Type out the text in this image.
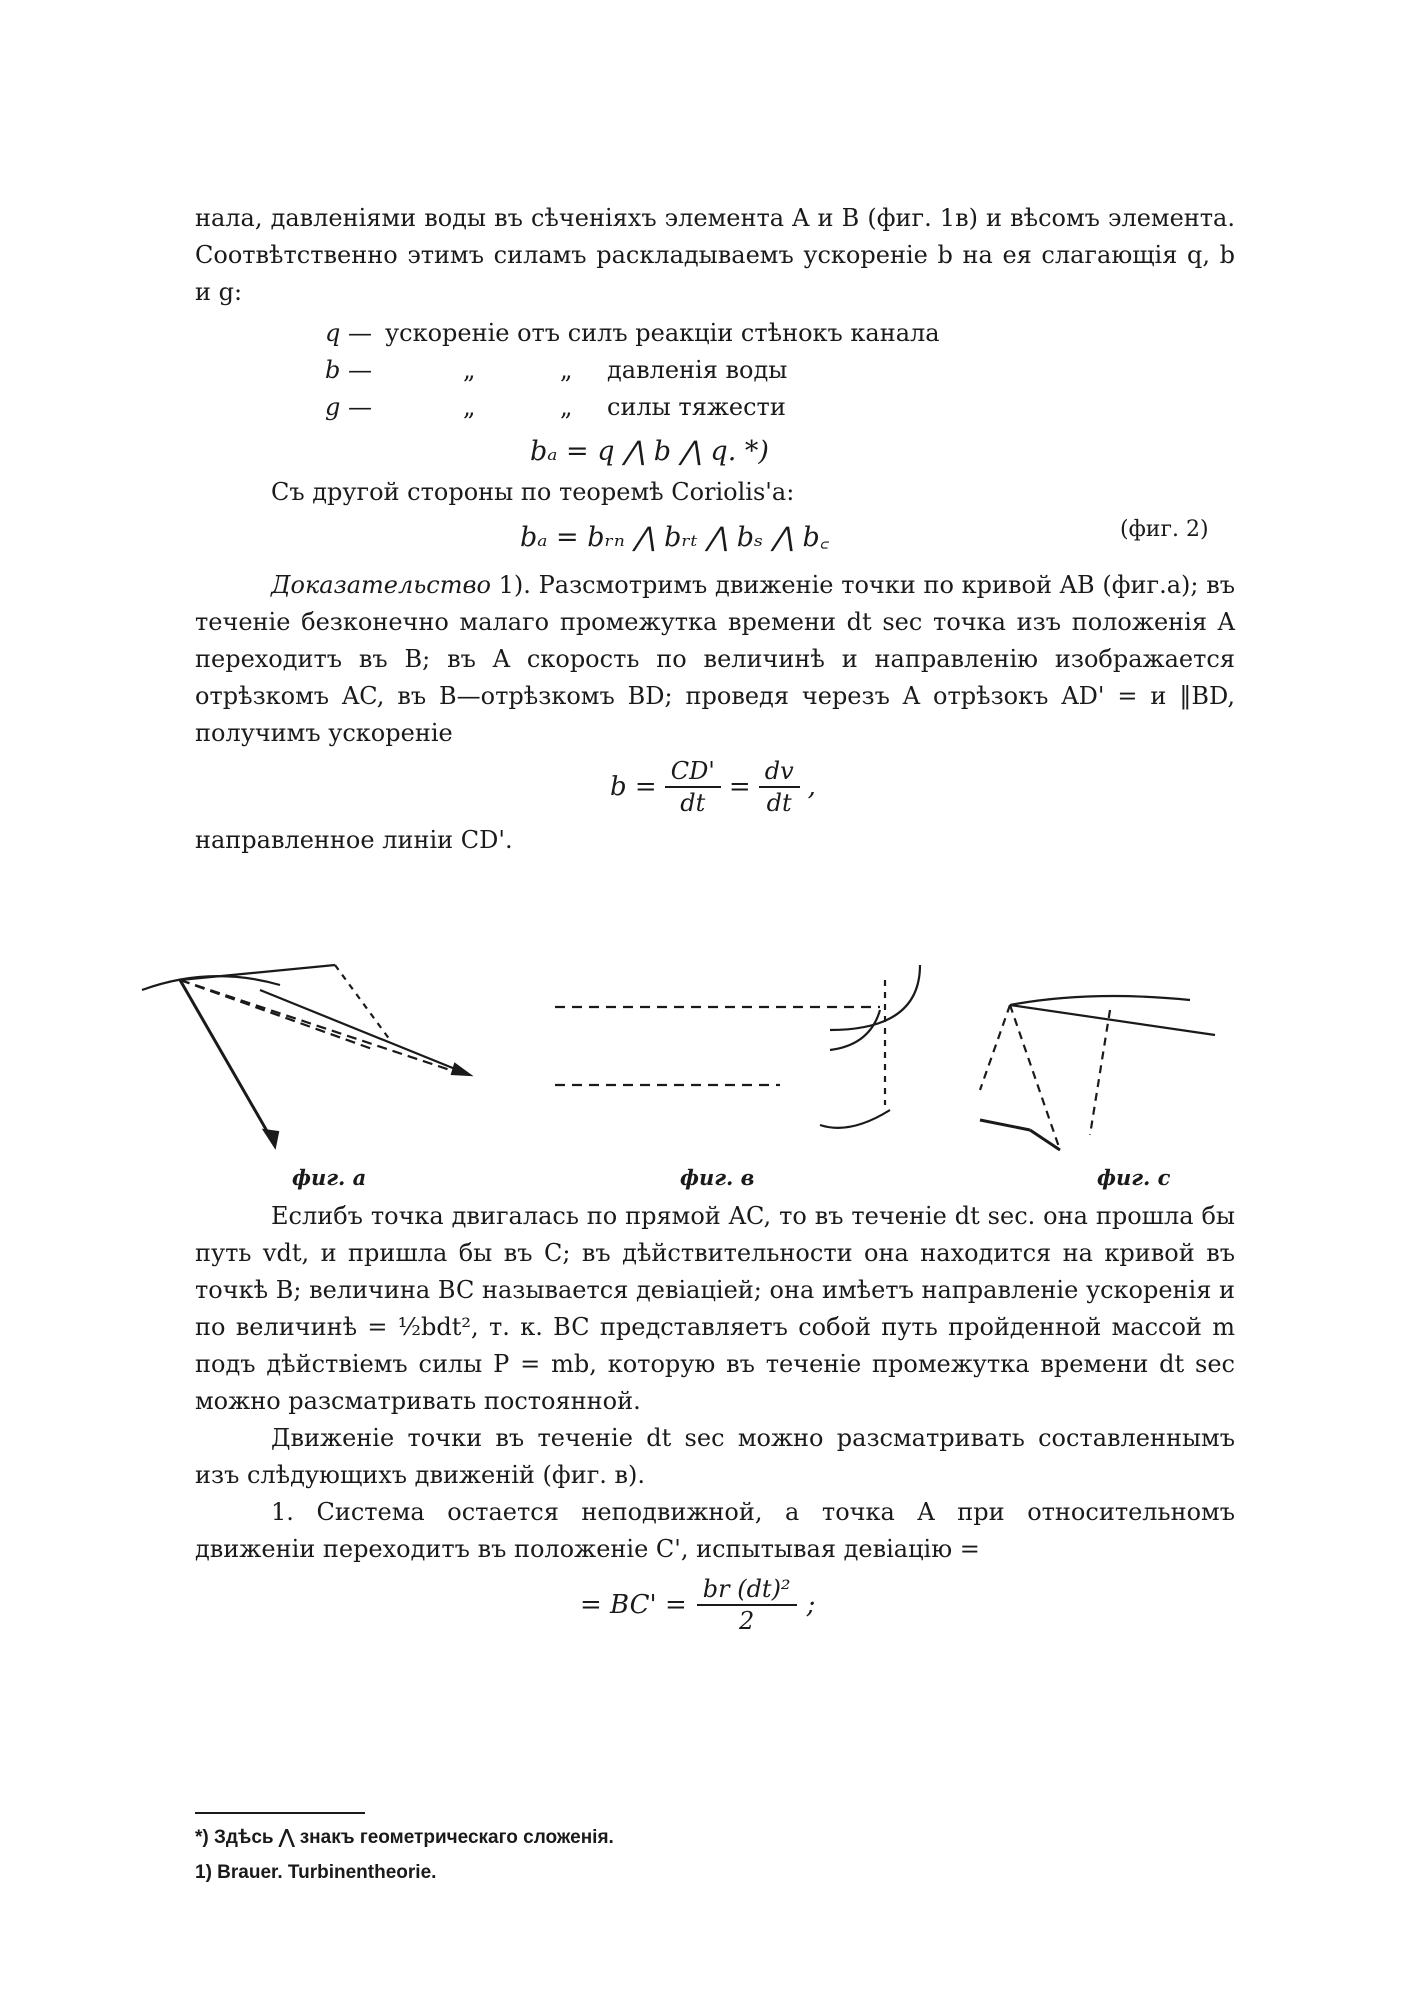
нала, давленіями воды въ сѣченіяхъ элемента A и B (фиг. 1в) и вѣсомъ элемента. Соотвѣтственно этимъ силамъ раскладываемъ ускореніе b на ея слагающія q, b и g:

q — ускореніе отъ силъ реакціи стѣнокъ канала
b —	„	„ давленія воды
g —	„	„ силы тяжести
bₐ = q ⋀ b ⋀ q. *)

Съ другой стороны по теоремѣ Coriolis'a:

bₐ = bᵣₙ ⋀ bᵣₜ ⋀ bₛ ⋀ b꜀	(фиг. 2)

Доказательство 1). Разсмотримъ движеніе точки по кривой AB (фиг.а); въ теченіе безконечно малаго промежутка времени dt sec точка изъ положенія A переходитъ въ B; въ A скорость по величинѣ и направленію изображается отрѣзкомъ AC, въ B—отрѣзкомъ BD; проведя черезъ A отрѣзокъ AD' = и ‖BD, получимъ ускореніе

$b = \frac{CD'}{dt} = \frac{dv}{dt}$ ,

направленное линіи CD'.

фиг. a	фиг. в	фиг. c

Еслибъ точка двигалась по прямой AC, то въ теченіе dt sec. она прошла бы путь vdt, и пришла бы въ C; въ дѣйствительности она находится на кривой въ точкѣ B; величина BC называется девіаціей; она имѣетъ направленіе ускоренія и по величинѣ = ½bdt², т. к. BC представляетъ собой путь пройденной массой m подъ дѣйствіемъ силы P = mb, которую въ теченіе промежутка времени dt sec можно разсматривать постоянной.

Движеніе точки въ теченіе dt sec можно разсматривать составленнымъ изъ слѣдующихъ движеній (фиг. в).

1. Система остается неподвижной, а точка A при относительномъ движеніи переходитъ въ положеніе C', испытывая девіацію =

= $BC' = \frac{\text{br (dt)²}}{2}$ ;
*) Здѣсь ⋀ знакъ геометрическаго сложенія.
1) Brauer. Turbinentheorie.
